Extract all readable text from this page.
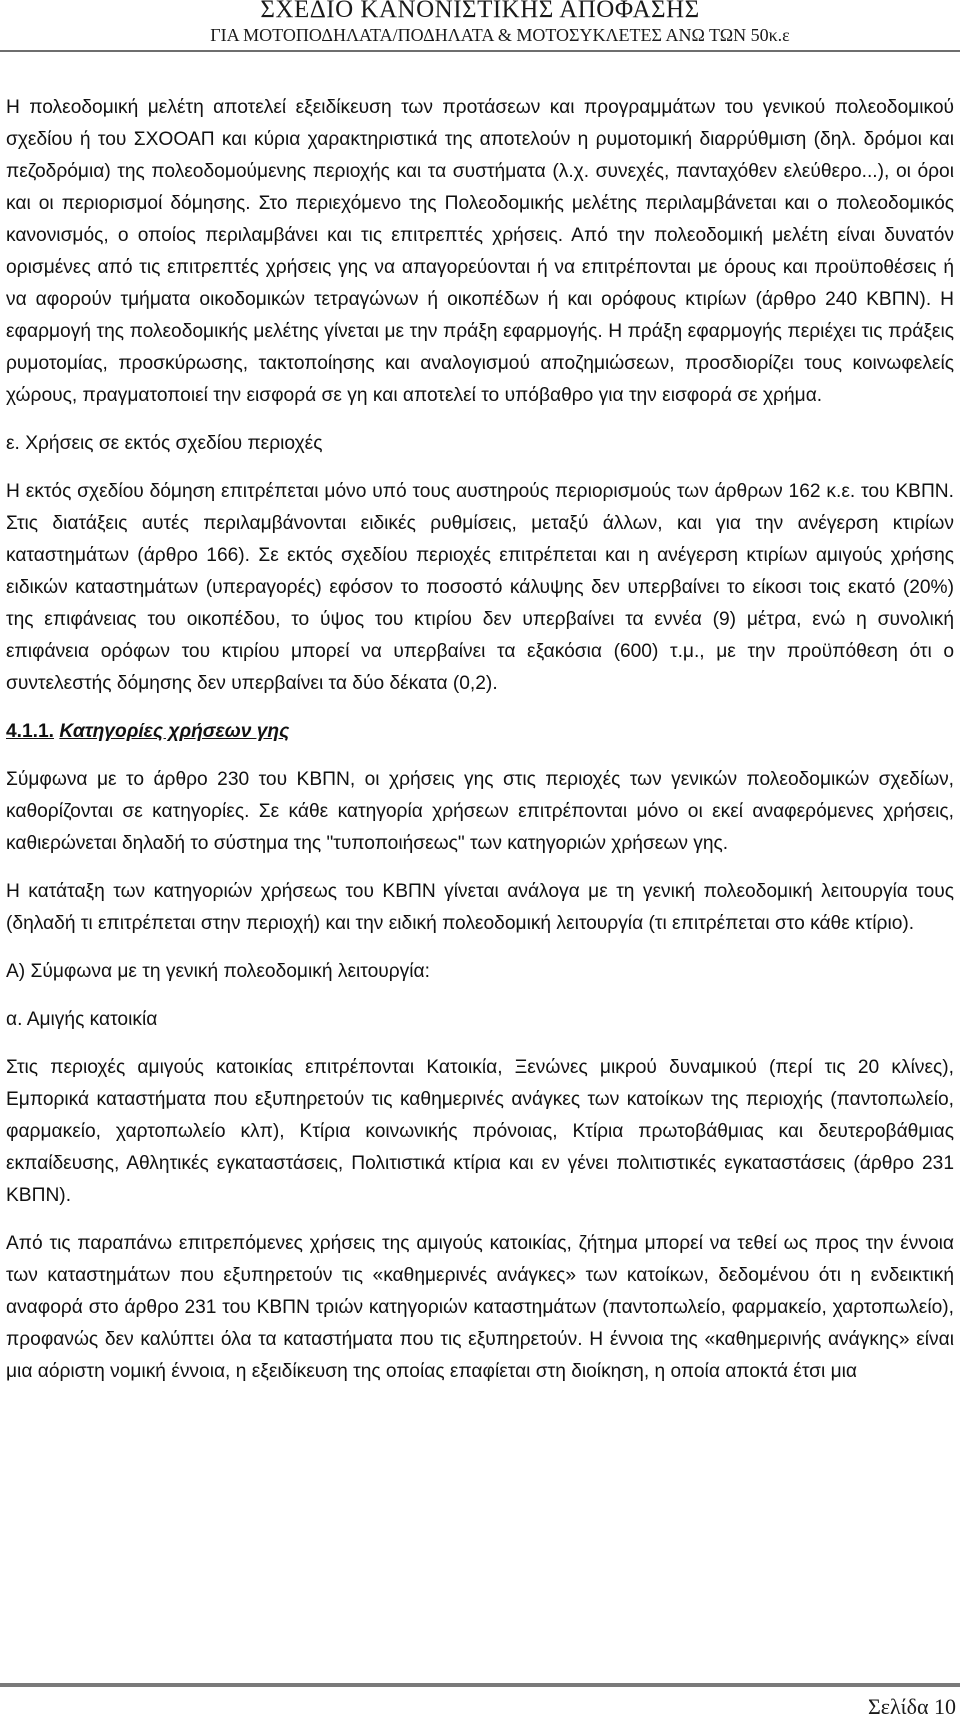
ΣΧΕΔΙΟ ΚΑΝΟΝΙΣΤΙΚΗΣ ΑΠΟΦΑΣΗΣ
ΓΙΑ ΜΟΤΟΠΟΔΗΛΑΤΑ/ΠΟΔΗΛΑΤΑ & ΜΟΤΟΣΥΚΛΕΤΕΣ ΑΝΩ ΤΩΝ 50κ.ε

Η πολεοδομική μελέτη αποτελεί εξειδίκευση των προτάσεων και προγραμμάτων του γενικού πολεοδομικού σχεδίου ή του ΣΧΟΟΑΠ και κύρια χαρακτηριστικά της αποτελούν η ρυμοτομική διαρρύθμιση (δηλ. δρόμοι και πεζοδρόμια) της πολεοδομούμενης περιοχής και τα συστήματα (λ.χ. συνεχές, πανταχόθεν ελεύθερο...), οι όροι και οι περιορισμοί δόμησης. Στο περιεχόμενο της Πολεοδομικής μελέτης περιλαμβάνεται και ο πολεοδομικός κανονισμός, ο οποίος περιλαμβάνει και τις επιτρεπτές χρήσεις. Από την πολεοδομική μελέτη είναι δυνατόν ορισμένες από τις επιτρεπτές χρήσεις γης να απαγορεύονται ή να επιτρέπονται με όρους και προϋποθέσεις ή να αφορούν τμήματα οικοδομικών τετραγώνων ή οικοπέδων ή και ορόφους κτιρίων (άρθρο 240 ΚΒΠΝ). Η εφαρμογή της πολεοδομικής μελέτης γίνεται με την πράξη εφαρμογής. Η πράξη εφαρμογής περιέχει τις πράξεις ρυμοτομίας, προσκύρωσης, τακτοποίησης και αναλογισμού αποζημιώσεων, προσδιορίζει τους κοινωφελείς χώρους, πραγματοποιεί την εισφορά σε γη και αποτελεί το υπόβαθρο για την εισφορά σε χρήμα.

ε. Χρήσεις σε εκτός σχεδίου περιοχές

Η εκτός σχεδίου δόμηση επιτρέπεται μόνο υπό τους αυστηρούς περιορισμούς των άρθρων 162 κ.ε. του ΚΒΠΝ. Στις διατάξεις αυτές περιλαμβάνονται ειδικές ρυθμίσεις, μεταξύ άλλων, και για την ανέγερση κτιρίων καταστημάτων (άρθρο 166). Σε εκτός σχεδίου περιοχές επιτρέπεται και η ανέγερση κτιρίων αμιγούς χρήσης ειδικών καταστημάτων (υπεραγορές) εφόσον το ποσοστό κάλυψης δεν υπερβαίνει το είκοσι τοις εκατό (20%) της επιφάνειας του οικοπέδου, το ύψος του κτιρίου δεν υπερβαίνει τα εννέα (9) μέτρα, ενώ η συνολική επιφάνεια ορόφων του κτιρίου μπορεί να υπερβαίνει τα εξακόσια (600) τ.μ., με την προϋπόθεση ότι ο συντελεστής δόμησης δεν υπερβαίνει τα δύο δέκατα (0,2).

4.1.1. Κατηγορίες χρήσεων γης

Σύμφωνα με το άρθρο 230 του ΚΒΠΝ, οι χρήσεις γης στις περιοχές των γενικών πολεοδομικών σχεδίων, καθορίζονται σε κατηγορίες. Σε κάθε κατηγορία χρήσεων επιτρέπονται μόνο οι εκεί αναφερόμενες χρήσεις, καθιερώνεται δηλαδή το σύστημα της "τυποποιήσεως" των κατηγοριών χρήσεων γης.

Η κατάταξη των κατηγοριών χρήσεως του ΚΒΠΝ γίνεται ανάλογα με τη γενική πολεοδομική λειτουργία τους (δηλαδή τι επιτρέπεται στην περιοχή) και την ειδική πολεοδομική λειτουργία (τι επιτρέπεται στο κάθε κτίριο).

Α) Σύμφωνα με τη γενική πολεοδομική λειτουργία:

α. Αμιγής κατοικία

Στις περιοχές αμιγούς κατοικίας επιτρέπονται Κατοικία, Ξενώνες μικρού δυναμικού (περί τις 20 κλίνες), Εμπορικά καταστήματα που εξυπηρετούν τις καθημερινές ανάγκες των κατοίκων της περιοχής (παντοπωλείο, φαρμακείο, χαρτοπωλείο κλπ), Κτίρια κοινωνικής πρόνοιας, Κτίρια πρωτοβάθμιας και δευτεροβάθμιας εκπαίδευσης, Αθλητικές εγκαταστάσεις, Πολιτιστικά κτίρια και εν γένει πολιτιστικές εγκαταστάσεις (άρθρο 231 ΚΒΠΝ).

Από τις παραπάνω επιτρεπόμενες χρήσεις της αμιγούς κατοικίας, ζήτημα μπορεί να τεθεί ως προς την έννοια των καταστημάτων που εξυπηρετούν τις «καθημερινές ανάγκες» των κατοίκων, δεδομένου ότι η ενδεικτική αναφορά στο άρθρο 231 του ΚΒΠΝ τριών κατηγοριών καταστημάτων (παντοπωλείο, φαρμακείο, χαρτοπωλείο), προφανώς δεν καλύπτει όλα τα καταστήματα που τις εξυπηρετούν. Η έννοια της «καθημερινής ανάγκης» είναι μια αόριστη νομική έννοια, η εξειδίκευση της οποίας επαφίεται στη διοίκηση, η οποία αποκτά έτσι μια

Σελίδα 10
